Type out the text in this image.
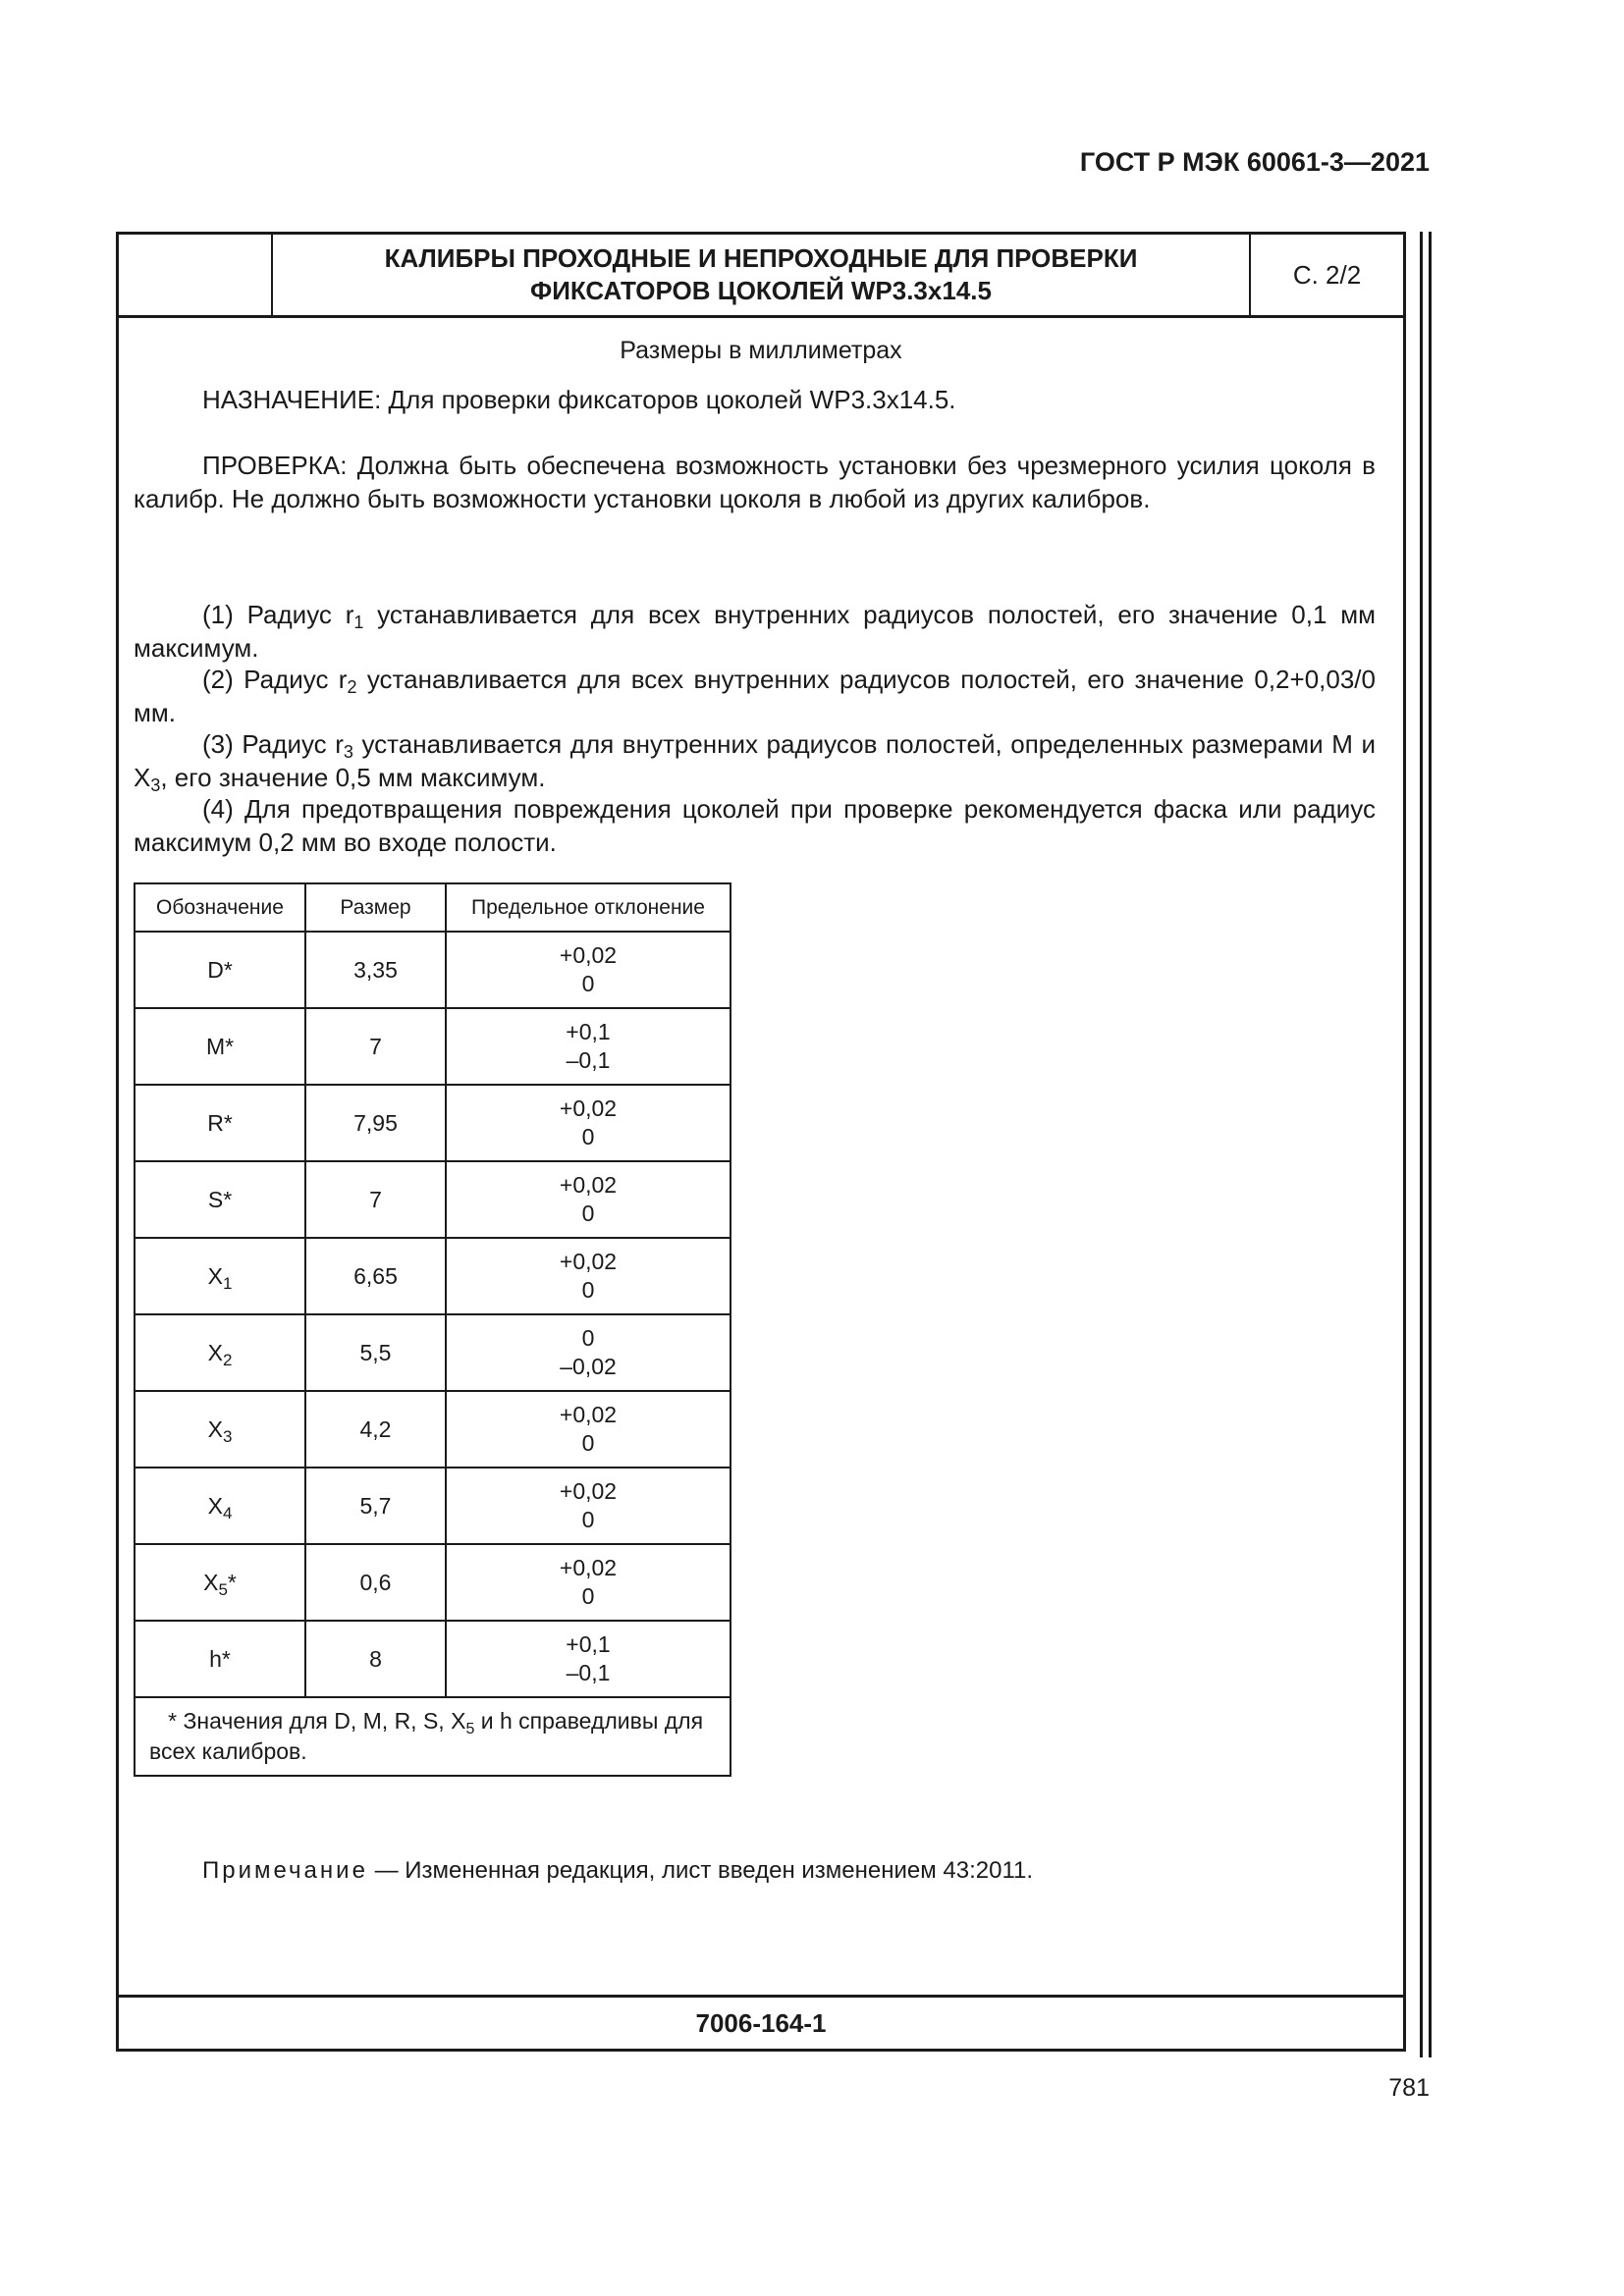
ГОСТ Р МЭК 60061-3—2021
КАЛИБРЫ ПРОХОДНЫЕ И НЕПРОХОДНЫЕ ДЛЯ ПРОВЕРКИ
ФИКСАТОРОВ ЦОКОЛЕЙ WP3.3x14.5
С. 2/2
Размеры в миллиметрах

НАЗНАЧЕНИЕ: Для проверки фиксаторов цоколей WP3.3x14.5.

ПРОВЕРКА: Должна быть обеспечена возможность установки без чрезмерного усилия цоколя в калибр. Не должно быть возможности установки цоколя в любой из других калибров.

(1) Радиус $r_1$ устанавливается для всех внутренних радиусов полостей, его значение 0,1 мм максимум.

(2) Радиус $r_2$ устанавливается для всех внутренних радиусов полостей, его значение 0,2+0,03/0 мм.

(3) Радиус $r_3$ устанавливается для внутренних радиусов полостей, определенных размерами M и $X_3$, его значение 0,5 мм максимум.

(4) Для предотвращения повреждения цоколей при проверке рекомендуется фаска или радиус максимум 0,2 мм во входе полости.

Обозначение	Размер	Предельное отклонение
D*	3,35	+0,02
0

M*	7	+0,1
–0,1

R*	7,95	+0,02
0

S*	7	+0,02
0

$X_1$	6,65	+0,02
0

$X_2$	5,5	0
–0,02

$X_3$	4,2	+0,02
0

$X_4$	5,7	+0,02
0

$X_5*$	0,6	+0,02
0

h*	8	+0,1
–0,1

* Значения для D, M, R, S, $X_5$ и h справедливы для всех калибров.		
Примечание — Измененная редакция, лист введен изменением 43:2011.
7006-164-1
781
